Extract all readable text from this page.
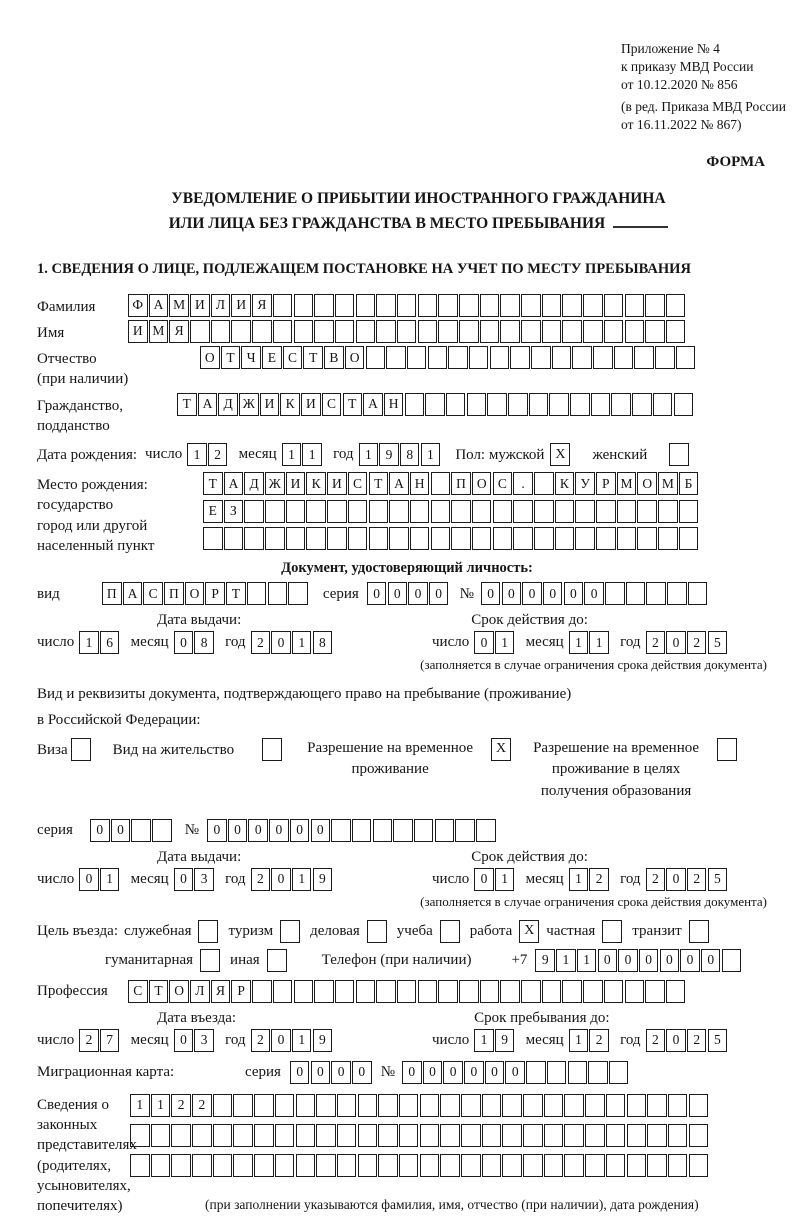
Приложение № 4
к приказу МВД России
от 10.12.2020 № 856
(в ред. Приказа МВД России
от 16.11.2022 № 867)
ФОРМА
УВЕДОМЛЕНИЕ О ПРИБЫТИИ ИНОСТРАННОГО ГРАЖДАНИНА
ИЛИ ЛИЦА БЕЗ ГРАЖДАНСТВА В МЕСТО ПРЕБЫВАНИЯ
1. СВЕДЕНИЯ О ЛИЦЕ, ПОДЛЕЖАЩЕМ ПОСТАНОВКЕ НА УЧЕТ ПО МЕСТУ ПРЕБЫВАНИЯ
Фамилия	Ф А М И Л И Я
Имя	И М Я
Отчество
(при наличии)
О Т Ч Е С Т В О
Гражданство,
подданство
Т А Д Ж И К И С Т А Н
Дата рождения: число 1	2	месяц 1	1	год 1	9	8	1	Пол: мужской X	женский
Место рождения:
государство
город или другой
населенный пункт
Т А Д Ж И К И С Т А Н	П О С	.	К У Р М О М Б
Е З
Документ, удостоверяющий личность:
вид	П А С П О Р Т	серия	0	0	0	0	№ 0	0	0	0	0	0
Дата выдачи:	Срок действия до:
число 1	6	месяц 0	8	год 2	0	1	8	число 0	1	месяц 1	1	год 2	0	2	5
(заполняется в случае ограничения срока действия документа)
Вид и реквизиты документа, подтверждающего право на пребывание (проживание)
в Российской Федерации:
Виза	Вид на жительство	Разрешение на временное
проживание
X	Разрешение на временное
проживание в целях
получения образования
серия	0	0	№	0	0	0	0	0	0
Дата выдачи:	Срок действия до:
число 0	1	месяц 0	3	год 2	0	1	9	число 0	1	месяц 1	2	год 2	0	2	5
(заполняется в случае ограничения срока действия документа)
Цель въезда: служебная туризм деловая учеба работа X частная транзит
гуманитарная иная	Телефон (при наличии)	+7	9	1	1	0	0	0	0	0	0
Профессия	С Т О Л Я Р
Дата въезда:	Срок пребывания до:
число 2	7	месяц 0	3	год 2	0	1	9	число 1	9	месяц 1	2	год 2	0	2	5
Миграционная карта:	серия	0	0	0	0	№ 0	0	0	0	0	0
Сведения о
законных
представителях
(родителях,
усыновителях,
попечителях)
1	1	2	2
(при заполнении указываются фамилия, имя, отчество (при наличии), дата рождения)
